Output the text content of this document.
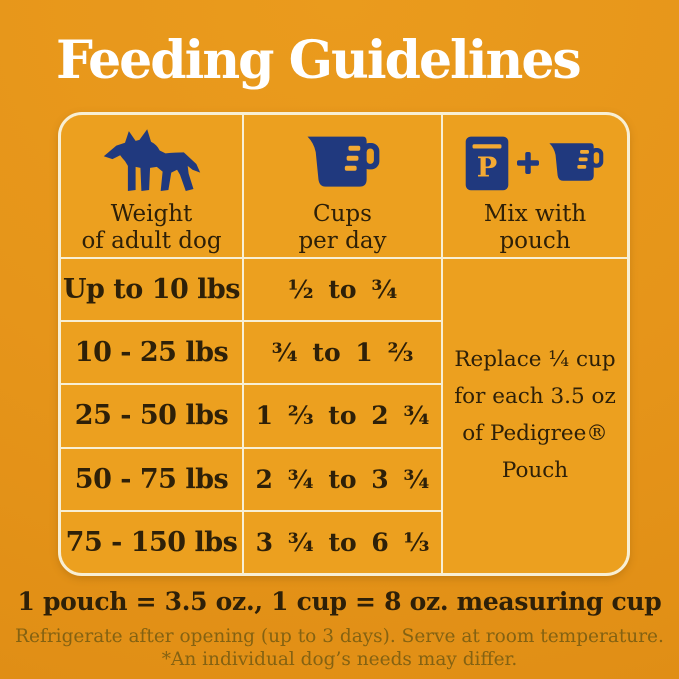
Feeding Guidelines
Weight
of adult dog
Cups
per day
P
Mix with
pouch
Up to 10 lbs ½ to ¾
Replace ¼ cup
for each 3.5 oz
of Pedigree®
Pouch
10 - 25 lbs ¾ to 1 ⅔
25 - 50 lbs 1 ⅔ to 2 ¾
50 - 75 lbs 2 ¾ to 3 ¾
75 - 150 lbs 3 ¾ to 6 ⅓
1 pouch = 3.5 oz., 1 cup = 8 oz. measuring cup
Refrigerate after opening (up to 3 days). Serve at room temperature.
*An individual dog’s needs may differ.
